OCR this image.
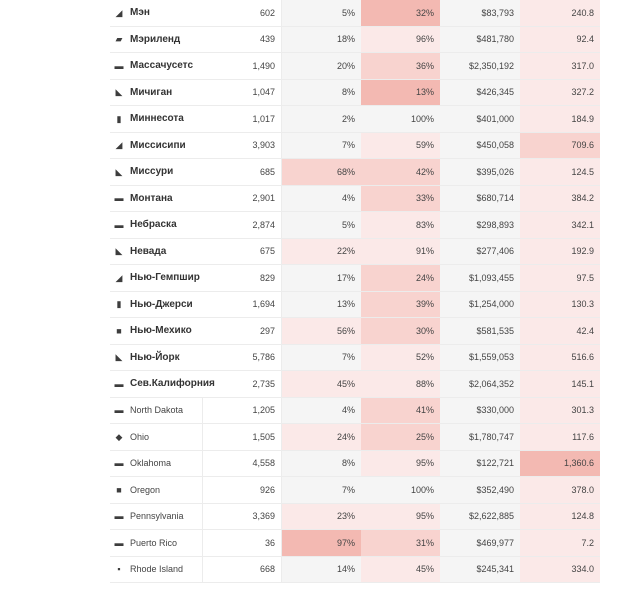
◢ Мэн	602	5%	32%	$83,793	240.8
▰ Мэриленд	439	18%	96%	$481,780	92.4
▬ Массачусетс	1,490	20%	36%	$2,350,192	317.0
◣ Мичиган	1,047	8%	13%	$426,345	327.2
▮ Миннесота	1,017	2%	100%	$401,000	184.9
◢ Миссисипи	3,903	7%	59%	$450,058	709.6
◣ Миссури	685	68%	42%	$395,026	124.5
▬ Монтана	2,901	4%	33%	$680,714	384.2
▬ Небраска	2,874	5%	83%	$298,893	342.1
◣ Невада	675	22%	91%	$277,406	192.9
◢ Нью-Гемпшир	829	17%	24%	$1,093,455	97.5
▮ Нью-Джерси	1,694	13%	39%	$1,254,000	130.3
■ Нью-Мехико	297	56%	30%	$581,535	42.4
◣ Нью-Йорк	5,786	7%	52%	$1,559,053	516.6
▬ Сев.Калифорния	2,735	45%	88%	$2,064,352	145.1
▬ North Dakota	1,205	4%	41%	$330,000	301.3
◆ Ohio	1,505	24%	25%	$1,780,747	117.6
▬ Oklahoma	4,558	8%	95%	$122,721	1,360.6
■ Oregon	926	7%	100%	$352,490	378.0
▬ Pennsylvania	3,369	23%	95%	$2,622,885	124.8
▬ Puerto Rico	36	97%	31%	$469,977	7.2
▪	Rhode Island	668	14%	45%	$245,341	334.0
